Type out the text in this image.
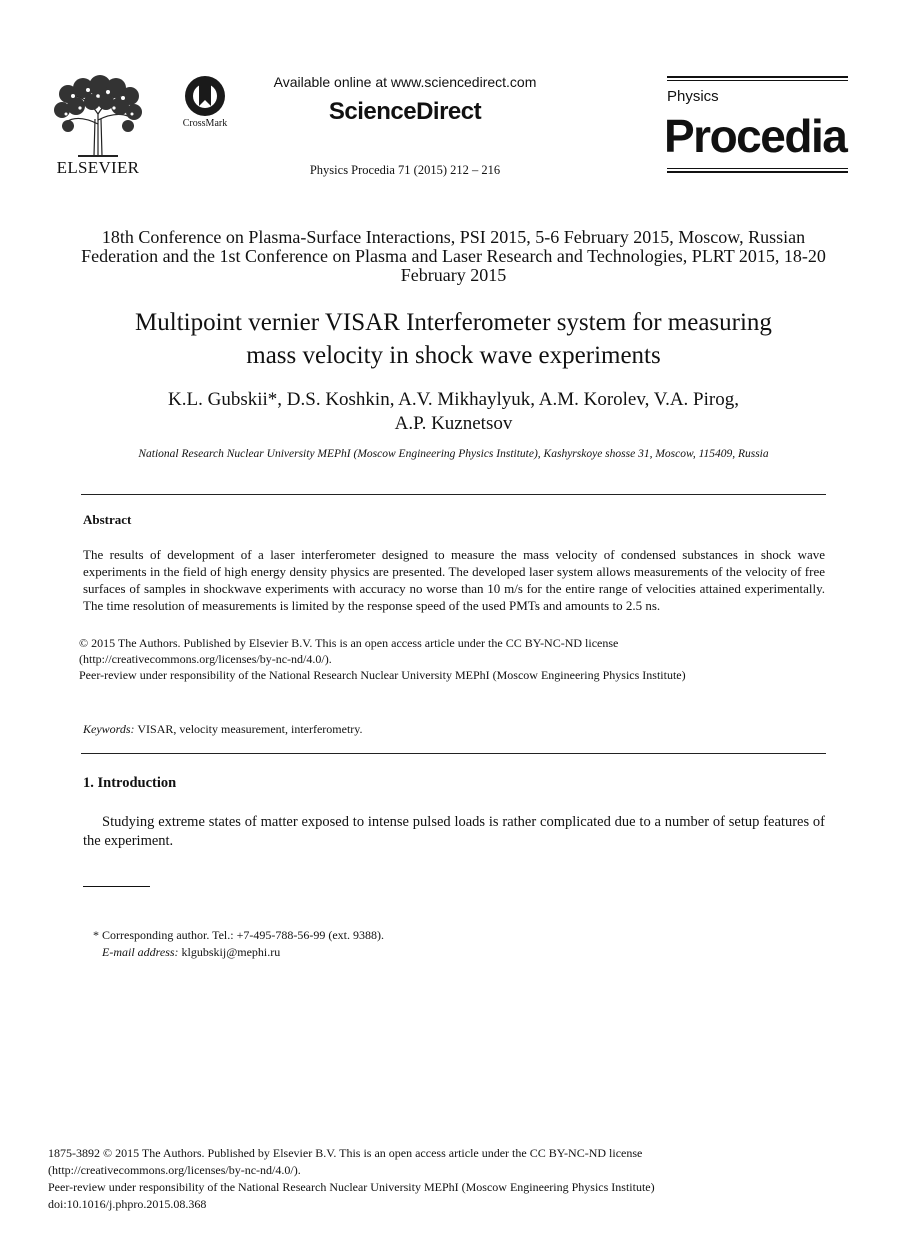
ELSEVIER
CrossMark
Available online at www.sciencedirect.com
ScienceDirect
Physics Procedia 71 (2015) 212 – 216
Physics
Procedia
18th Conference on Plasma-Surface Interactions, PSI 2015, 5-6 February 2015, Moscow, Russian Federation and the 1st Conference on Plasma and Laser Research and Technologies, PLRT 2015, 18-20 February 2015
Multipoint vernier VISAR Interferometer system for measuring
mass velocity in shock wave experiments
K.L. Gubskii*, D.S. Koshkin, A.V. Mikhaylyuk, A.M. Korolev, V.A. Pirog,
A.P. Kuznetsov
National Research Nuclear University MEPhI (Moscow Engineering Physics Institute), Kashyrskoye shosse 31, Moscow, 115409, Russia
Abstract
The results of development of a laser interferometer designed to measure the mass velocity of condensed substances in shock wave experiments in the field of high energy density physics are presented. The developed laser system allows measurements of the velocity of free surfaces of samples in shockwave experiments with accuracy no worse than 10 m/s for the entire range of velocities attained experimentally. The time resolution of measurements is limited by the response speed of the used PMTs and amounts to 2.5 ns.
© 2015 The Authors. Published by Elsevier B.V. This is an open access article under the CC BY-NC-ND license
(http://creativecommons.org/licenses/by-nc-nd/4.0/).
Peer-review under responsibility of the National Research Nuclear University MEPhI (Moscow Engineering Physics Institute)
Keywords: VISAR, velocity measurement, interferometry.
1. Introduction
Studying extreme states of matter exposed to intense pulsed loads is rather complicated due to a number of setup features of the experiment.
* Corresponding author. Tel.: +7-495-788-56-99 (ext. 9388).
E-mail address: klgubskij@mephi.ru
1875-3892 © 2015 The Authors. Published by Elsevier B.V. This is an open access article under the CC BY-NC-ND license
(http://creativecommons.org/licenses/by-nc-nd/4.0/).
Peer-review under responsibility of the National Research Nuclear University MEPhI (Moscow Engineering Physics Institute)
doi:10.1016/j.phpro.2015.08.368
